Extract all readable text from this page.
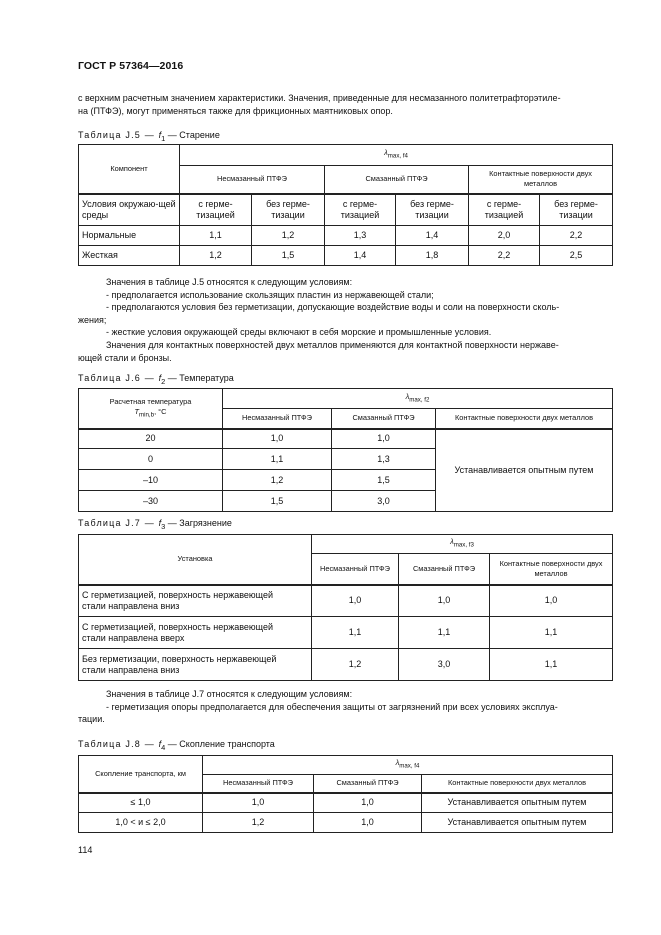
ГОСТ Р 57364—2016
с верхним расчетным значением характеристики. Значения, приведенные для несмазанного политетрафторэтиле-
на (ПТФЭ), могут применяться также для фрикционных маятниковых опор.
Таблица J.5 — $f_1$ — Старение
Компонент	$\lambda_{max, f4}$
	Несмазанный ПТФЭ		Смазанный ПТФЭ		Контактные поверхности двух металлов	
Условия окружаю-щей среды	с гермe-тизацией	без гермe-тизации	с гермe-тизацией	без гермe-тизации	с гермe-тизацией	без гермe-тизации
Нормальные	1,1	1,2	1,3	1,4	2,0	2,2
Жесткая	1,2	1,5	1,4	1,8	2,2	2,5
Значения в таблице J.5 относятся к следующим условиям:
- предполагается использование скользящих пластин из нержавеющей стали;
- предполагаются условия без герметизации, допускающие воздействие воды и соли на поверхности сколь-
жения;
- жесткие условия окружающей среды включают в себя морские и промышленные условия.
Значения для контактных поверхностей двух металлов применяются для контактной поверхности нержаве-
ющей стали и бронзы.
Таблица J.6 — $f_2$ — Температура
Расчетная температура
$T_{min,b}$, °C	$\lambda_{max, f2}$
	Несмазанный ПТФЭ	Смазанный ПТФЭ	Контактные поверхности двух металлов
20	1,0	1,0	Устанавливается опытным путем
0	1,1	1,3	
–10	1,2	1,5	
–30	1,5	3,0	
Таблица J.7 — $f_3$ — Загрязнение
Установка	$\lambda_{max, f3}$
	Несмазанный ПТФЭ	Смазанный ПТФЭ	Контактные поверхности двух металлов

С герметизацией, поверхность нержавеющей
стали направлена вниз	1,0	1,0	1,0

С герметизацией, поверхность нержавеющей
стали направлена вверх	1,1	1,1	1,1

Без герметизации, поверхность нержавеющей
стали направлена вниз	1,2	3,0	1,1
Значения в таблице J.7 относятся к следующим условиям:
- герметизация опоры предполагается для обеспечения защиты от загрязнений при всех условиях эксплуа-
тации.
Таблица J.8 — $f_4$ — Скопление транспорта
Скопление транспорта, км	$\lambda_{max, f4}$
	Несмазанный ПТФЭ	Смазанный ПТФЭ	Контактные поверхности двух металлов
≤ 1,0	1,0	1,0	Устанавливается опытным путем
1,0 < и ≤ 2,0	1,2	1,0	Устанавливается опытным путем
114
